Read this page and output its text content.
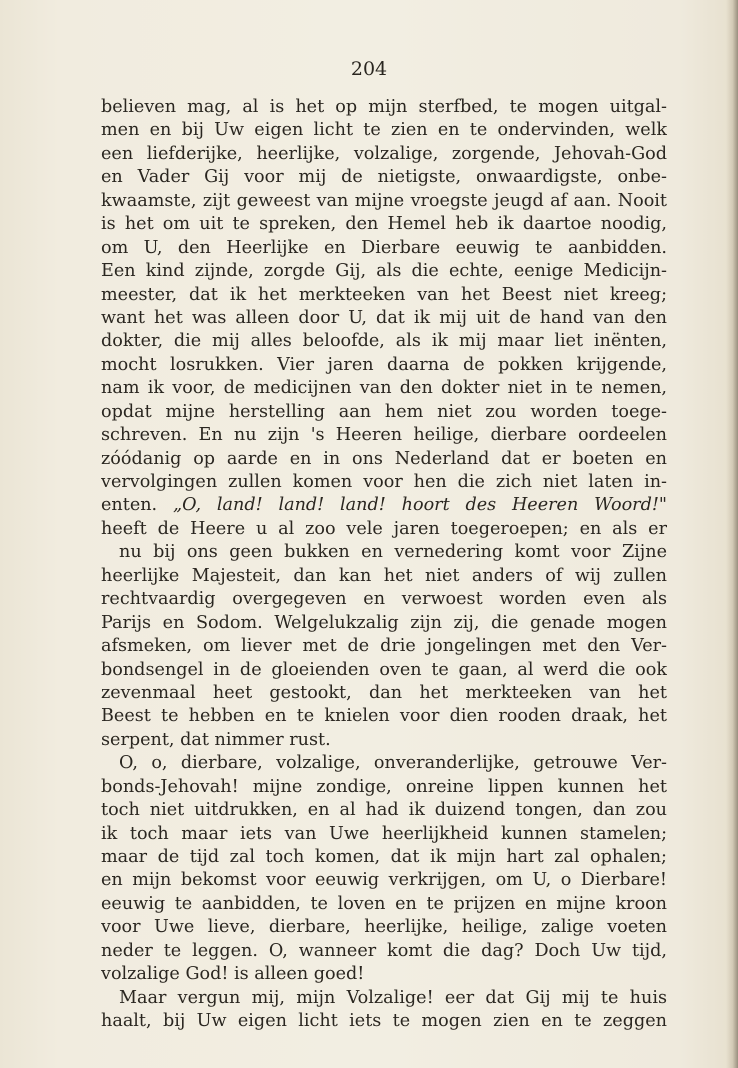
204
believen mag, al is het op mijn sterfbed, te mogen uitgal-
men en bij Uw eigen licht te zien en te ondervinden, welk
een liefderijke, heerlijke, volzalige, zorgende, Jehovah-God
en Vader Gij voor mij de nietigste, onwaardigste, onbe-
kwaamste, zijt geweest van mijne vroegste jeugd af aan. Nooit
is het om uit te spreken, den Hemel heb ik daartoe noodig,
om U, den Heerlijke en Dierbare eeuwig te aanbidden.
Een kind zijnde, zorgde Gij, als die echte, eenige Medicijn-
meester, dat ik het merkteeken van het Beest niet kreeg;
want het was alleen door U, dat ik mij uit de hand van den
dokter, die mij alles beloofde, als ik mij maar liet inënten,
mocht losrukken. Vier jaren daarna de pokken krijgende,
nam ik voor, de medicijnen van den dokter niet in te nemen,
opdat mijne herstelling aan hem niet zou worden toege-
schreven. En nu zijn 's Heeren heilige, dierbare oordeelen
zóódanig op aarde en in ons Nederland dat er boeten en
vervolgingen zullen komen voor hen die zich niet laten in-
enten. „O, land! land! land! hoort des Heeren Woord!"
heeft de Heere u al zoo vele jaren toegeroepen; en als er
nu bij ons geen bukken en vernedering komt voor Zijne
heerlijke Majesteit, dan kan het niet anders of wij zullen
rechtvaardig overgegeven en verwoest worden even als
Parijs en Sodom. Welgelukzalig zijn zij, die genade mogen
afsmeken, om liever met de drie jongelingen met den Ver-
bondsengel in de gloeienden oven te gaan, al werd die ook
zevenmaal heet gestookt, dan het merkteeken van het
Beest te hebben en te knielen voor dien rooden draak, het
serpent, dat nimmer rust.
O, o, dierbare, volzalige, onveranderlijke, getrouwe Ver-
bonds-Jehovah! mijne zondige, onreine lippen kunnen het
toch niet uitdrukken, en al had ik duizend tongen, dan zou
ik toch maar iets van Uwe heerlijkheid kunnen stamelen;
maar de tijd zal toch komen, dat ik mijn hart zal ophalen;
en mijn bekomst voor eeuwig verkrijgen, om U, o Dierbare!
eeuwig te aanbidden, te loven en te prijzen en mijne kroon
voor Uwe lieve, dierbare, heerlijke, heilige, zalige voeten
neder te leggen. O, wanneer komt die dag? Doch Uw tijd,
volzalige God! is alleen goed!
Maar vergun mij, mijn Volzalige! eer dat Gij mij te huis
haalt, bij Uw eigen licht iets te mogen zien en te zeggen
